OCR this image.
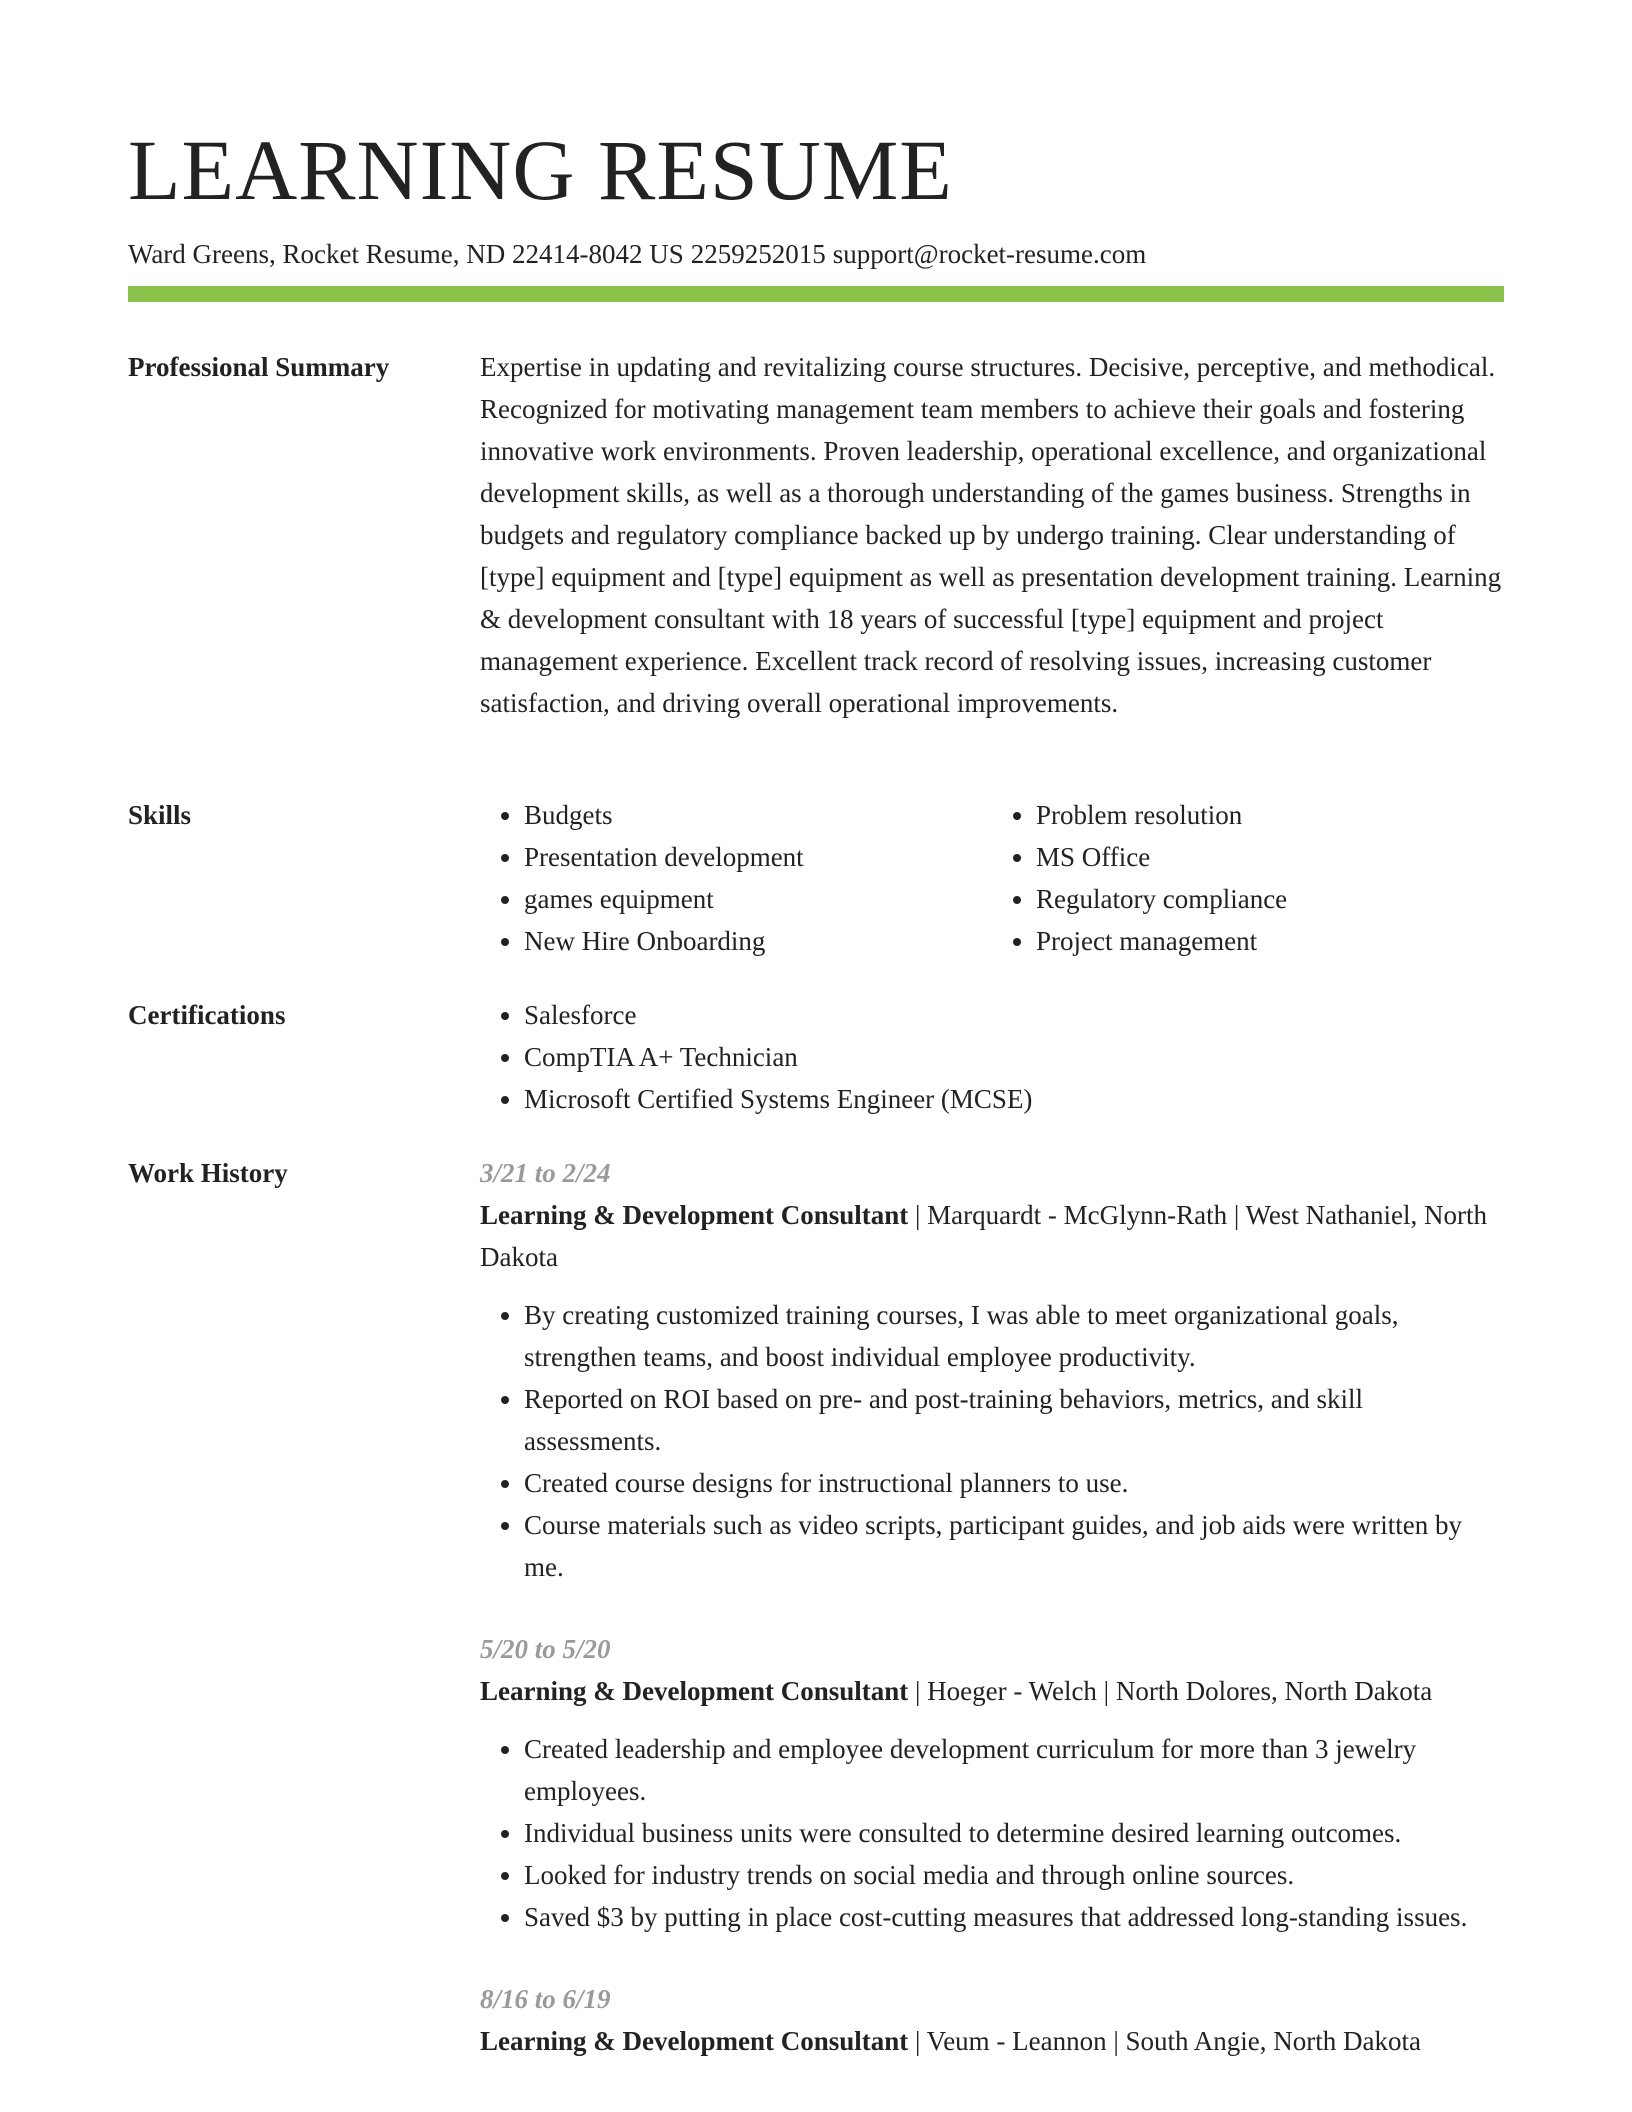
LEARNING RESUME
Ward Greens, Rocket Resume, ND 22414-8042 US 2259252015 support@rocket-resume.com
Professional Summary	Expertise in updating and revitalizing course structures. Decisive, perceptive, and methodical. Recognized for motivating management team members to achieve their goals and fostering innovative work environments. Proven leadership, operational excellence, and organizational development skills, as well as a thorough understanding of the games business. Strengths in budgets and regulatory compliance backed up by undergo training. Clear understanding of [type] equipment and [type] equipment as well as presentation development training. Learning & development consultant with 18 years of successful [type] equipment and project management experience. Excellent track record of resolving issues, increasing customer satisfaction, and driving overall operational improvements.

Skills	• Budgets
• Presentation development
• games equipment
• New Hire Onboarding
• Problem resolution
• MS Office
• Regulatory compliance
• Project management
Certifications	• Salesforce
• CompTIA A+ Technician
• Microsoft Certified Systems Engineer (MCSE)
Work History	3/21 to 2/24
Learning & Development Consultant | Marquardt - McGlynn-Rath | West Nathaniel, North Dakota
• By creating customized training courses, I was able to meet organizational goals, strengthen teams, and boost individual employee productivity.
• Reported on ROI based on pre- and post-training behaviors, metrics, and skill assessments.
• Created course designs for instructional planners to use.
• Course materials such as video scripts, participant guides, and job aids were written by me.
5/20 to 5/20
Learning & Development Consultant | Hoeger - Welch | North Dolores, North Dakota
• Created leadership and employee development curriculum for more than 3 jewelry employees.
• Individual business units were consulted to determine desired learning outcomes.
• Looked for industry trends on social media and through online sources.
• Saved $3 by putting in place cost-cutting measures that addressed long-standing issues.
8/16 to 6/19
Learning & Development Consultant | Veum - Leannon | South Angie, North Dakota
